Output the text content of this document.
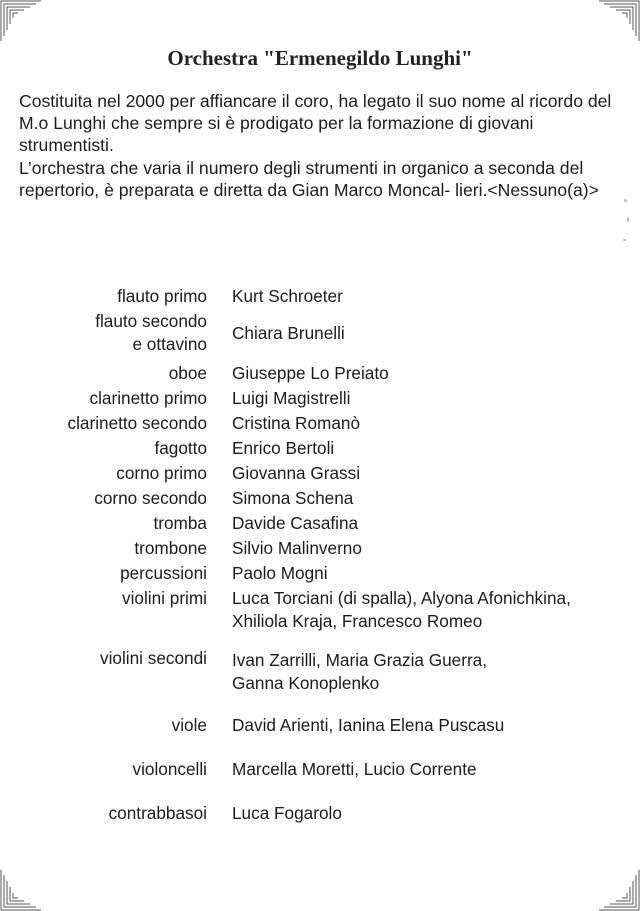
Orchestra "Ermenegildo Lunghi"

Costituita nel 2000 per affiancare il coro, ha legato il suo nome al ricordo del M.o Lunghi che sempre si è prodigato per la formazione di giovani strumentisti.

L’orchestra che varia il numero degli strumenti in organico a seconda del repertorio, è preparata e diretta da Gian Marco Moncal- lieri.<Nessuno(a)>

flauto primo Kurt Schroeter
flauto secondo
e ottavino
Chiara Brunelli
oboe Giuseppe Lo Preiato
clarinetto primo Luigi Magistrelli
clarinetto secondo Cristina Romanò
fagotto Enrico Bertoli
corno primo Giovanna Grassi
corno secondo Simona Schena
tromba Davide Casafina
trombone Silvio Malinverno
percussioni Paolo Mogni
violini primi Luca Torciani (di spalla), Alyona Afonichkina,
Xhiliola Kraja, Francesco Romeo
violini secondi Ivan Zarrilli, Maria Grazia Guerra,
Ganna Konoplenko
viole David Arienti, Ianina Elena Puscasu
violoncelli Marcella Moretti, Lucio Corrente
contrabbasoi Luca Fogarolo
